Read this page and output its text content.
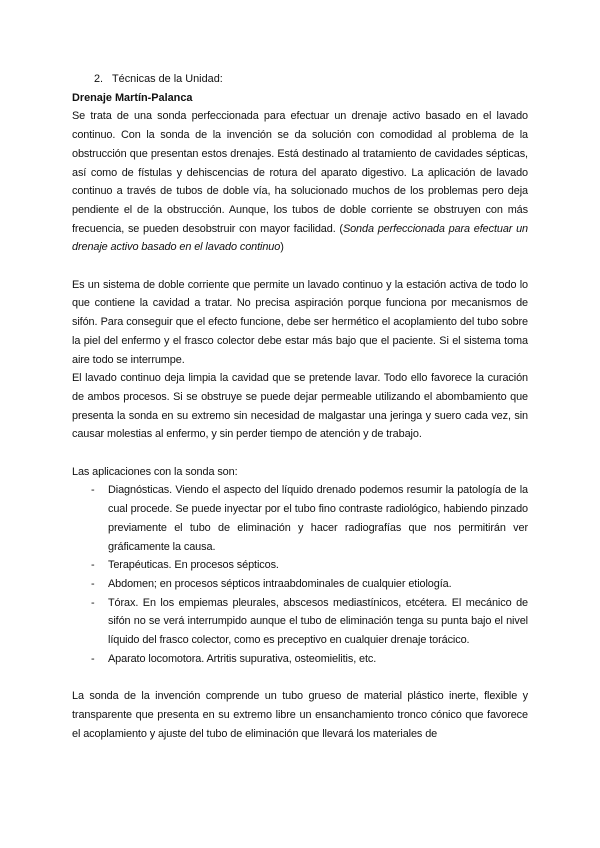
2. Técnicas de la Unidad:
Drenaje Martín-Palanca

Se trata de una sonda perfeccionada para efectuar un drenaje activo basado en el lavado continuo. Con la sonda de la invención se da solución con comodidad al problema de la obstrucción que presentan estos drenajes. Está destinado al tratamiento de cavidades sépticas, así como de fístulas y dehiscencias de rotura del aparato digestivo. La aplicación de lavado continuo a través de tubos de doble vía, ha solucionado muchos de los problemas pero deja pendiente el de la obstrucción. Aunque, los tubos de doble corriente se obstruyen con más frecuencia, se pueden desobstruir con mayor facilidad. (Sonda perfeccionada para efectuar un drenaje activo basado en el lavado continuo)

Es un sistema de doble corriente que permite un lavado continuo y la estación activa de todo lo que contiene la cavidad a tratar. No precisa aspiración porque funciona por mecanismos de sifón. Para conseguir que el efecto funcione, debe ser hermético el acoplamiento del tubo sobre la piel del enfermo y el frasco colector debe estar más bajo que el paciente. Si el sistema toma aire todo se interrumpe.

El lavado continuo deja limpia la cavidad que se pretende lavar. Todo ello favorece la curación de ambos procesos. Si se obstruye se puede dejar permeable utilizando el abombamiento que presenta la sonda en su extremo sin necesidad de malgastar una jeringa y suero cada vez, sin causar molestias al enfermo, y sin perder tiempo de atención y de trabajo.

Las aplicaciones con la sonda son:

- Diagnósticas. Viendo el aspecto del líquido drenado podemos resumir la patología de la cual procede. Se puede inyectar por el tubo fino contraste radiológico, habiendo pinzado previamente el tubo de eliminación y hacer radiografías que nos permitirán ver gráficamente la causa.
- Terapéuticas. En procesos sépticos.
- Abdomen; en procesos sépticos intraabdominales de cualquier etiología.
- Tórax. En los empiemas pleurales, abscesos mediastínicos, etcétera. El mecánico de sifón no se verá interrumpido aunque el tubo de eliminación tenga su punta bajo el nivel líquido del frasco colector, como es preceptivo en cualquier drenaje torácico.
- Aparato locomotora. Artritis supurativa, osteomielitis, etc.

La sonda de la invención comprende un tubo grueso de material plástico inerte, flexible y transparente que presenta en su extremo libre un ensanchamiento tronco cónico que favorece el acoplamiento y ajuste del tubo de eliminación que llevará los materiales de
